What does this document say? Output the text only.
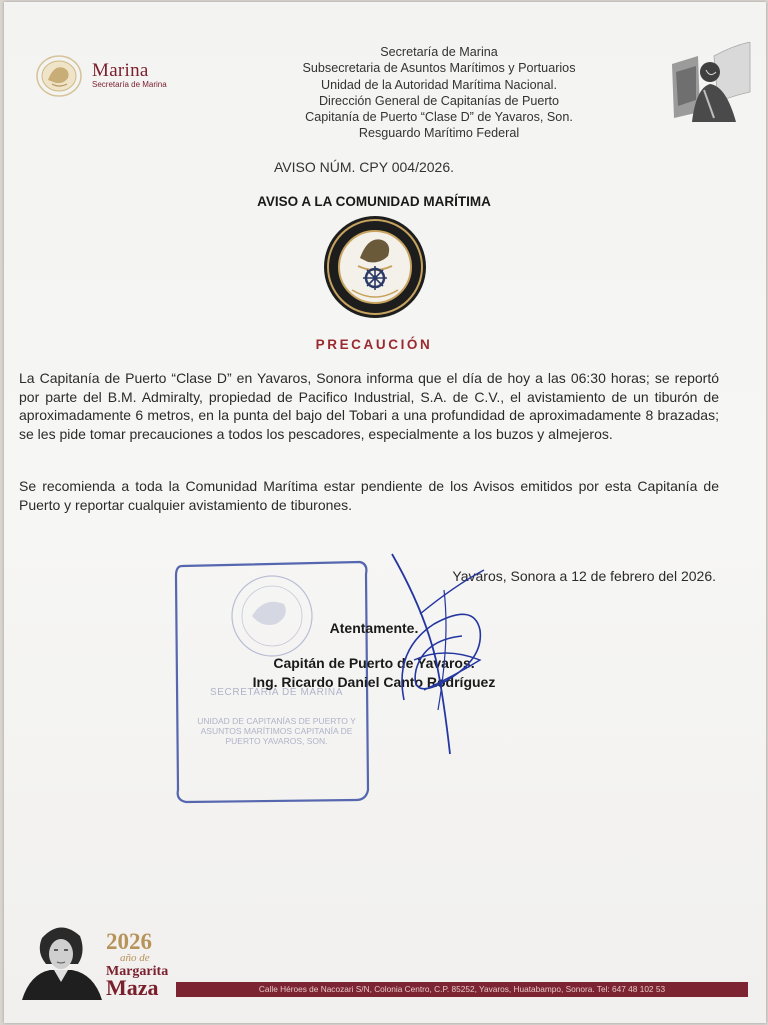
Marina
Secretaría de Marina
Secretaría de Marina
Subsecretaria de Asuntos Marítimos y Portuarios
Unidad de la Autoridad Marítima Nacional.
Dirección General de Capitanías de Puerto
Capitanía de Puerto “Clase D” de Yavaros, Son.
Resguardo Marítimo Federal
AVISO NÚM. CPY 004/2026.
AVISO A LA COMUNIDAD MARÍTIMA
PRECAUCIÓN
La Capitanía de Puerto “Clase D” en Yavaros, Sonora informa que el día de hoy a las 06:30 horas; se reportó por parte del B.M. Admiralty, propiedad de Pacifico Industrial, S.A. de C.V., el avistamiento de un tiburón de aproximadamente 6 metros, en la punta del bajo del Tobari a una profundidad de aproximadamente 8 brazadas; se les pide tomar precauciones a todos los pescadores, especialmente a los buzos y almejeros.
Se recomienda a toda la Comunidad Marítima estar pendiente de los Avisos emitidos por esta Capitanía de Puerto y reportar cualquier avistamiento de tiburones.
SECRETARÍA DE MARINA
UNIDAD DE CAPITANÍAS DE PUERTO Y ASUNTOS MARÍTIMOS CAPITANÍA DE PUERTO YAVAROS, SON.
Yavaros, Sonora a 12 de febrero del 2026.
Atentamente.
Capitán de Puerto de Yavaros.
Ing. Ricardo Daniel Canto Rodríguez
2026
año de
Margarita
Maza	Calle Héroes de Nacozari S/N, Colonia Centro, C.P. 85252, Yavaros, Huatabampo, Sonora. Tel: 647 48 102 53
